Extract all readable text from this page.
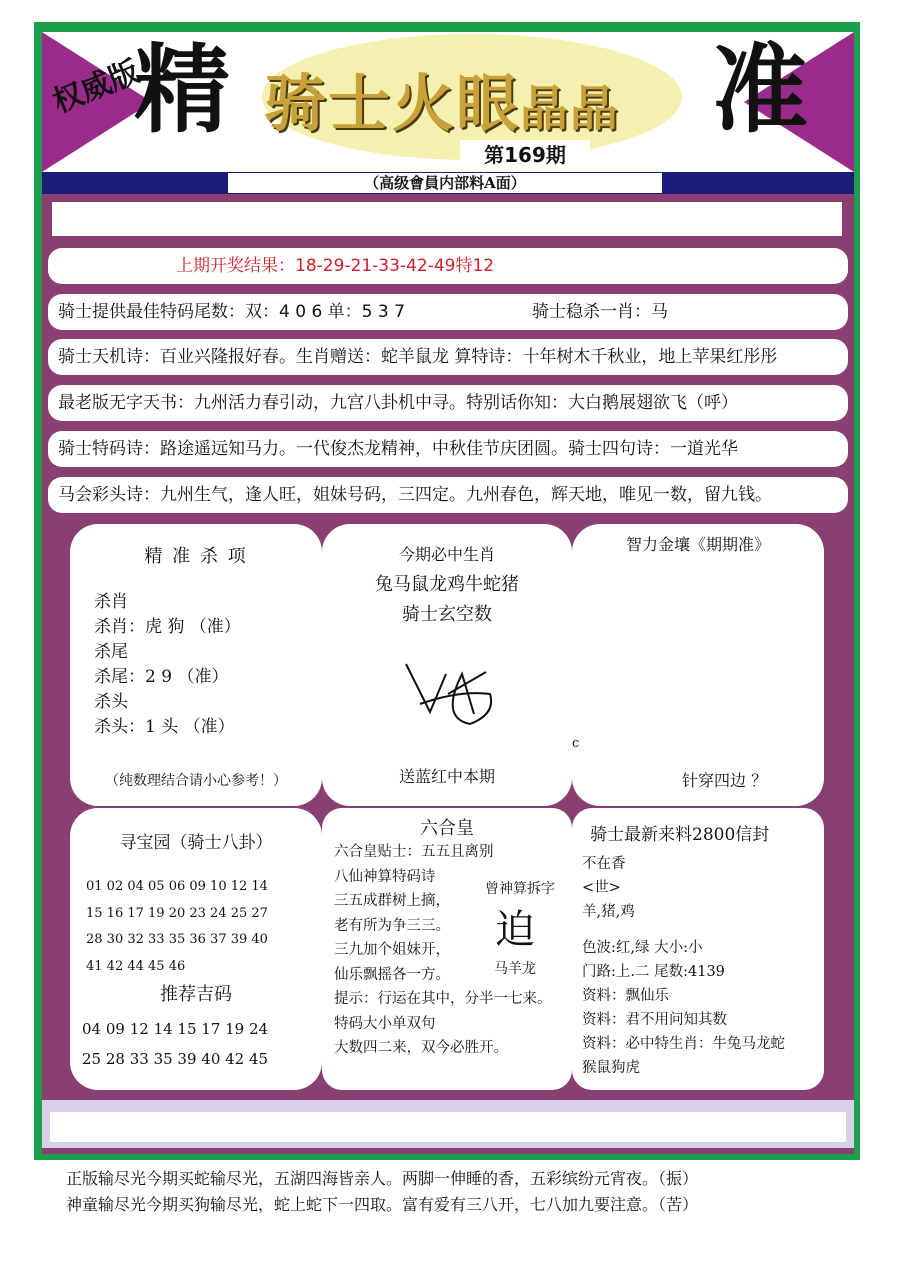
权威版
精 骑士火眼晶晶 准
第169期
（高级會員内部料A面）
上期开奖结果：18-29-21-33-42-49特12
骑士提供最佳特码尾数：双：4 0 6 单：5 3 7	骑士稳杀一肖：马
骑士天机诗：百业兴隆报好春。生肖赠送：蛇羊鼠龙 算特诗：十年树木千秋业，地上苹果红彤彤
最老版无字天书：九州活力春引动，九宫八卦机中寻。特别话你知：大白鹅展翅欲飞（呼）
骑士特码诗：路途遥远知马力。一代俊杰龙精神，中秋佳节庆团圆。骑士四句诗：一道光华
马会彩头诗：九州生气，逢人旺，姐妹号码，三四定。九州春色，辉天地，唯见一数，留九钱。
精 准 杀 项
杀肖
杀肖：虎 狗 （准）
杀尾
杀尾：2 9 （准）
杀头
杀头：1 头 （准）
（纯数理结合请小心参考！）
今期必中生肖
兔马鼠龙鸡牛蛇猪
骑士玄空数
送蓝红中本期
智力金壤《期期准》
c
针穿四边 ？
寻宝园（骑士八卦）
01 02 04 05 06 09 10 12 14
15 16 17 19 20 23 24 25 27
28 30 32 33 35 36 37 39 40
41 42 44 45 46
推荐吉码
04 09 12 14 15 17 19 24
25 28 33 35 39 40 42 45
六合皇
六合皇贴士：五五且离别
八仙神算特码诗
三五成群树上摘，
老有所为争三三。
三九加个姐妹开，
仙乐飘摇各一方。
提示：行运在其中，分半一七来。
特码大小单双句
大数四二来，双今必胜开。
曾神算拆字
迫
马羊龙
骑士最新来料2800信封
不在香
<世>
羊,猪,鸡
色波:红,绿 大小:小
门路:上.二 尾数:4139
资料：飘仙乐
资料：君不用问知其数
资料：必中特生肖：牛兔马龙蛇
猴鼠狗虎
正版输尽光今期买蛇输尽光，五湖四海皆亲人。两脚一伸睡的香，五彩缤纷元宵夜。（振）
神童输尽光今期买狗输尽光，蛇上蛇下一四取。富有爱有三八开，七八加九要注意。（苦）
